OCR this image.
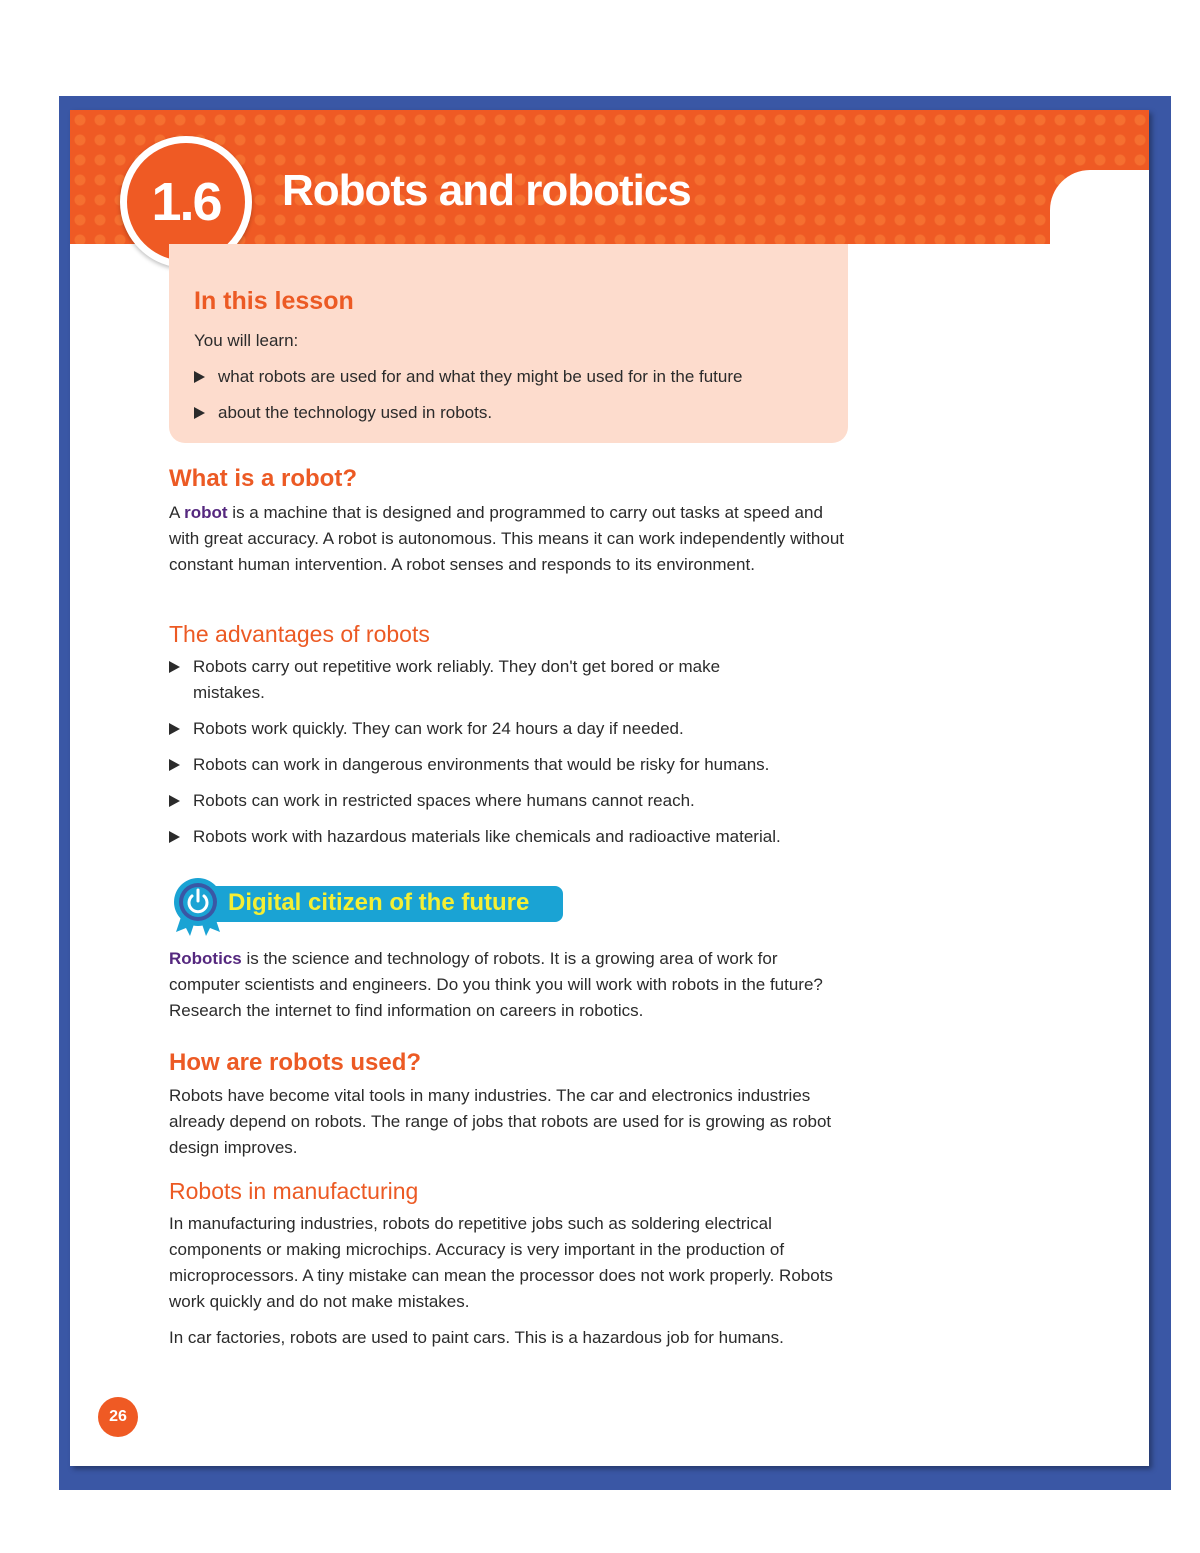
1.6	Robots and robotics
In this lesson
You will learn:
what robots are used for and what they might be used for in the future
about the technology used in robots.
What is a robot?
A robot is a machine that is designed and programmed to carry out tasks at speed and with great accuracy. A robot is autonomous. This means it can work independently without constant human intervention. A robot senses and responds to its environment.
The advantages of robots
Robots carry out repetitive work reliably. They don't get bored or make mistakes.
Robots work quickly. They can work for 24 hours a day if needed.
Robots can work in dangerous environments that would be risky for humans.
Robots can work in restricted spaces where humans cannot reach.
Robots work with hazardous materials like chemicals and radioactive material.
Digital citizen of the future
Robotics is the science and technology of robots. It is a growing area of work for computer scientists and engineers. Do you think you will work with robots in the future? Research the internet to find information on careers in robotics.
How are robots used?
Robots have become vital tools in many industries. The car and electronics industries already depend on robots. The range of jobs that robots are used for is growing as robot design improves.
Robots in manufacturing
In manufacturing industries, robots do repetitive jobs such as soldering electrical components or making microchips. Accuracy is very important in the production of microprocessors. A tiny mistake can mean the processor does not work properly. Robots work quickly and do not make mistakes.
In car factories, robots are used to paint cars. This is a hazardous job for humans.
26
